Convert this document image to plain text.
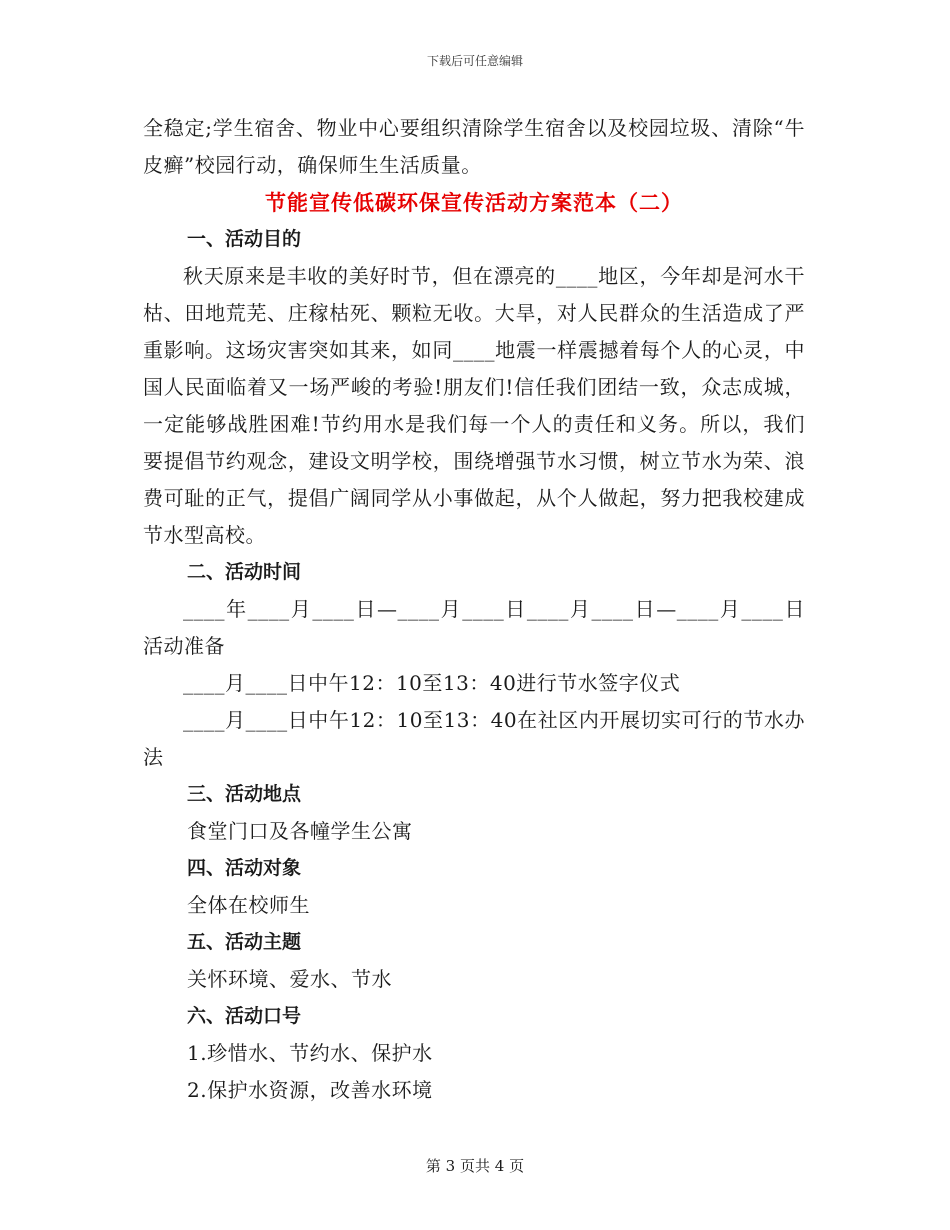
下载后可任意编辑

全稳定;学生宿舍、物业中心要组织清除学生宿舍以及校园垃圾、清除“牛皮癣”校园行动，确保师生生活质量。

节能宣传低碳环保宣传活动方案范本（二）

一、活动目的

秋天原来是丰收的美好时节，但在漂亮的____地区，今年却是河水干枯、田地荒芜、庄稼枯死、颗粒无收。大旱，对人民群众的生活造成了严重影响。这场灾害突如其来，如同____地震一样震撼着每个人的心灵，中国人民面临着又一场严峻的考验!朋友们!信任我们团结一致，众志成城，一定能够战胜困难!节约用水是我们每一个人的责任和义务。所以，我们要提倡节约观念，建设文明学校，围绕增强节水习惯，树立节水为荣、浪费可耻的正气，提倡广阔同学从小事做起，从个人做起，努力把我校建成节水型高校。

二、活动时间

____年____月____日—____月____日____月____日—____月____日活动准备

____月____日中午12：10至13：40进行节水签字仪式

____月____日中午12：10至13：40在社区内开展切实可行的节水办法

三、活动地点

食堂门口及各幢学生公寓

四、活动对象

全体在校师生

五、活动主题

关怀环境、爱水、节水

六、活动口号

1.珍惜水、节约水、保护水

2.保护水资源，改善水环境

第 3 页共 4 页
